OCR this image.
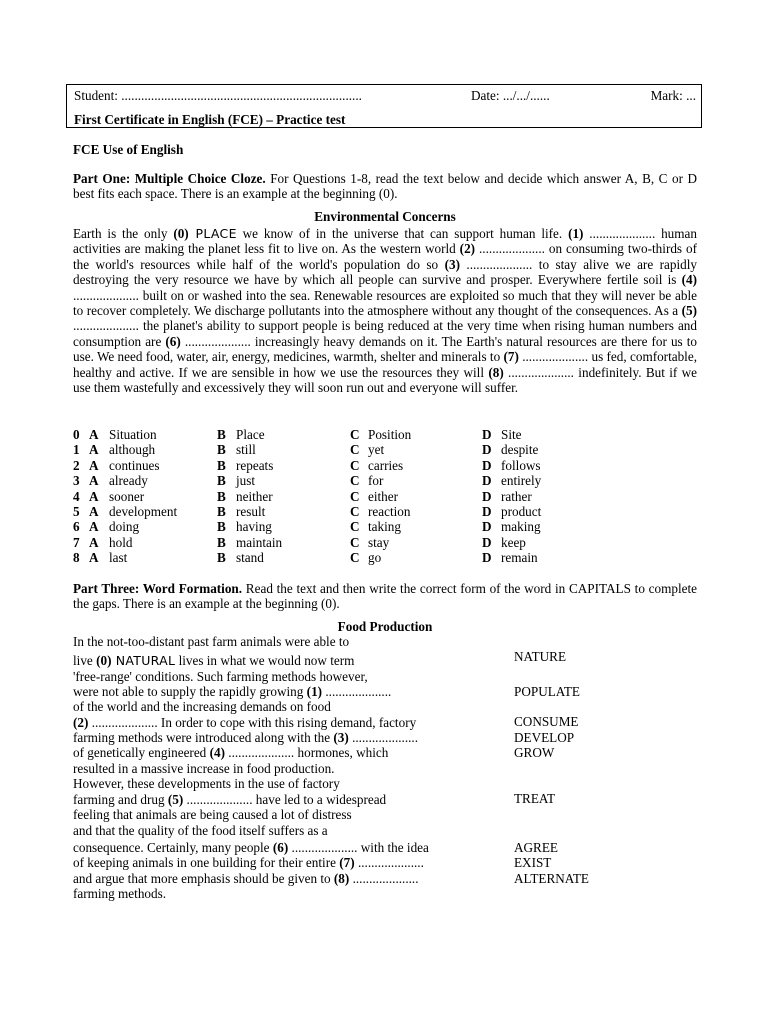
Student: .........................................................................	Date: .../.../......	Mark: ...
First Certificate in English (FCE) – Practice test
FCE Use of English
Part One: Multiple Choice Cloze. For Questions 1-8, read the text below and decide which answer A, B, C or D best fits each space. There is an example at the beginning (0).
Environmental Concerns
Earth is the only (0) PLACE we know of in the universe that can support human life. (1) .................... human activities are making the planet less fit to live on. As the western world (2) .................... on consuming two-thirds of the world's resources while half of the world's population do so (3) .................... to stay alive we are rapidly destroying the very resource we have by which all people can survive and prosper. Everywhere fertile soil is (4) .................... built on or washed into the sea. Renewable resources are exploited so much that they will never be able to recover completely. We discharge pollutants into the atmosphere without any thought of the consequences. As a (5) .................... the planet's ability to support people is being reduced at the very time when rising human numbers and consumption are (6) .................... increasingly heavy demands on it. The Earth's natural resources are there for us to use. We need food, water, air, energy, medicines, warmth, shelter and minerals to (7) .................... us fed, comfortable, healthy and active. If we are sensible in how we use the resources they will (8) .................... indefinitely. But if we use them wastefully and excessively they will soon run out and everyone will suffer.
0 A Situation	B Place	C Position	D Site
1 A although	B still	C yet	D despite
2 A continues	B repeats	C carries	D follows
3 A already	B just	C for	D entirely
4 A sooner	B neither	C either	D rather
5 A development	B result	C reaction	D product
6 A doing	B having	C taking	D making
7 A hold	B maintain	C stay	D keep
8 A last	B stand	C go	D remain
Part Three: Word Formation. Read the text and then write the correct form of the word in CAPITALS to complete the gaps. There is an example at the beginning (0).
Food Production
In the not-too-distant past farm animals were able to
live (0) NATURAL lives in what we would now term
'free-range' conditions. Such farming methods however,
were not able to supply the rapidly growing (1) ....................
of the world and the increasing demands on food
(2) .................... In order to cope with this rising demand, factory
farming methods were introduced along with the (3) ....................
of genetically engineered (4) .................... hormones, which
resulted in a massive increase in food production.
However, these developments in the use of factory
farming and drug (5) .................... have led to a widespread
feeling that animals are being caused a lot of distress
and that the quality of the food itself suffers as a
consequence. Certainly, many people (6) .................... with the idea
of keeping animals in one building for their entire (7) ....................
and argue that more emphasis should be given to (8) ....................
farming methods.
NATURE
POPULATE
CONSUME
DEVELOP
GROW
TREAT
AGREE
EXIST
ALTERNATE
